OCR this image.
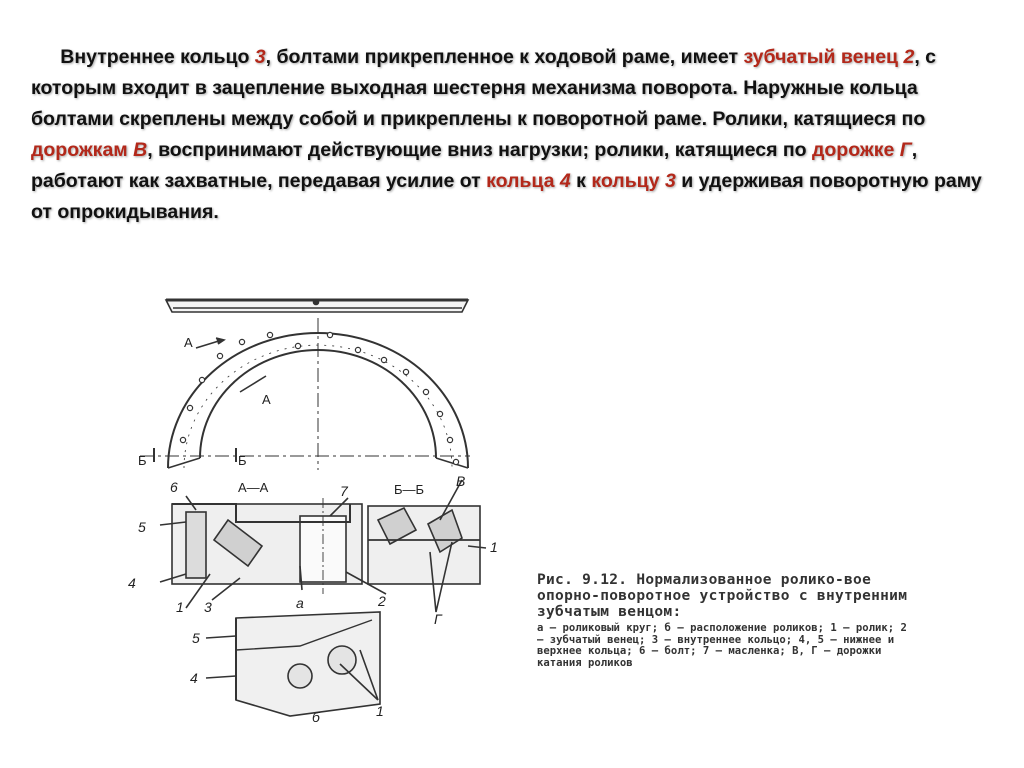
  Внутреннее кольцо 3, болтами прикрепленное к ходовой раме, имеет зубчатый венец 2, с которым входит в зацепление выходная шестерня механизма поворота. Наружные кольца болтами скреплены между собой и прикреплены к поворотной раме. Ролики, катящиеся по дорожкам В, воспринимают действующие вниз нагрузки; ролики, катящиеся по дорожке Г, работают как захватные, передавая усилие от кольца 4 к кольцу 3 и удерживая поворотную раму от опрокидывания.
А
А
Б	Б
А—А	Б—Б
6
5
4
1 3	а	2
7
В
1
Г
5
4
1
б
Рис. 9.12. Нормализованное ролико-вое опорно-поворотное устройство с внутренним зубчатым венцом:
а — роликовый круг; б — расположение роликов; 1 — ролик; 2 — зубчатый венец; 3 — внутреннее кольцо; 4, 5 — нижнее и верхнее кольца; 6 — болт; 7 — масленка; В, Г — дорожки катания роликов
